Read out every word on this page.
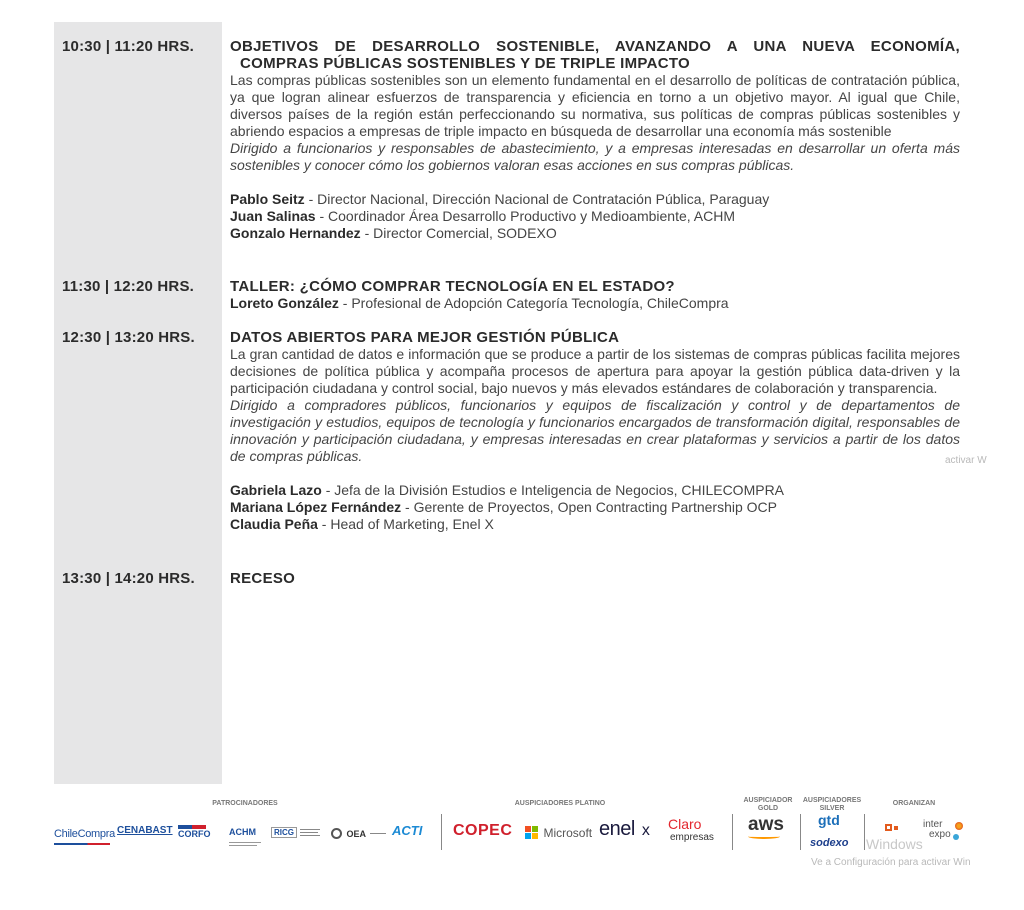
10:30 | 11:20 HRS.	OBJETIVOS DE DESARROLLO SOSTENIBLE, AVANZANDO A UNA NUEVA ECONOMÍA,
COMPRAS PÚBLICAS SOSTENIBLES Y DE TRIPLE IMPACTO
Las compras públicas sostenibles son un elemento fundamental en el desarrollo de políticas de contratación pública, ya que logran alinear esfuerzos de transparencia y eficiencia en torno a un objetivo mayor. Al igual que Chile, diversos países de la región están perfeccionando su normativa, sus políticas de compras públicas sostenibles y abriendo espacios a empresas de triple impacto en búsqueda de desarrollar una economía más sostenible
Dirigido a funcionarios y responsables de abastecimiento, y a empresas interesadas en desarrollar un oferta más sostenibles y conocer cómo los gobiernos valoran esas acciones en sus compras públicas.
Pablo Seitz - Director Nacional, Dirección Nacional de Contratación Pública, Paraguay
Juan Salinas - Coordinador Área Desarrollo Productivo y Medioambiente, ACHM
Gonzalo Hernandez - Director Comercial, SODEXO
11:30 | 12:20 HRS.	TALLER: ¿CÓMO COMPRAR TECNOLOGÍA EN EL ESTADO?
Loreto González - Profesional de Adopción Categoría Tecnología, ChileCompra
12:30 | 13:20 HRS.	DATOS ABIERTOS PARA MEJOR GESTIÓN PÚBLICA
La gran cantidad de datos e información que se produce a partir de los sistemas de compras públicas facilita mejores decisiones de política pública y acompaña procesos de apertura para apoyar la gestión pública data-driven y la participación ciudadana y control social, bajo nuevos y más elevados estándares de colaboración y transparencia.
Dirigido a compradores públicos, funcionarios y equipos de fiscalización y control y de departamentos de investigación y estudios, equipos de tecnología y funcionarios encargados de transformación digital, responsables de innovación y participación ciudadana, y empresas interesadas en crear plataformas y servicios a partir de los datos de compras públicas.
Gabriela Lazo - Jefa de la División Estudios e Inteligencia de Negocios, CHILECOMPRA
Mariana López Fernández - Gerente de Proyectos, Open Contracting Partnership OCP
Claudia Peña - Head of Marketing, Enel X
13:30 | 14:20 HRS.	RECESO
activar W
PATROCINADORES	AUSPICIADORES PLATINO	AUSPICIADOR GOLD
AUSPICIADORES SILVER
ORGANIZAN
ChileCompra CENABAST CORFO ACHM	RICG	OEA	ACTI COPEC	Microsoft enel x Claro
empresas
aws gtd
sodexo
inter
expo
Windows
Ve a Configuración para activar Win
